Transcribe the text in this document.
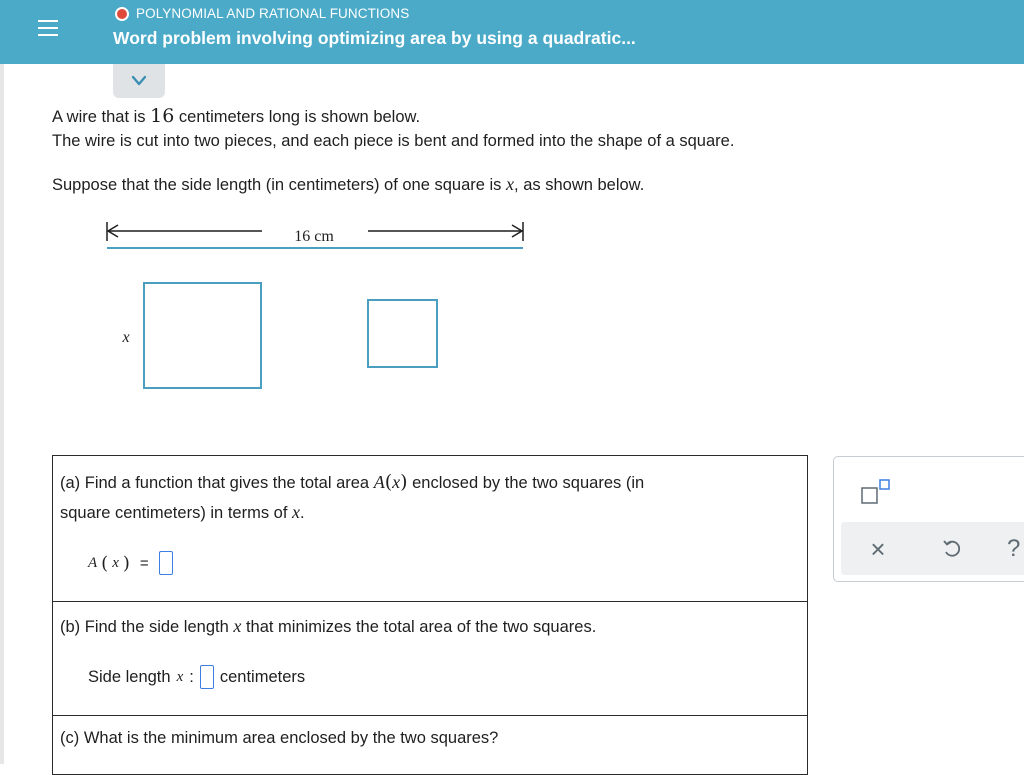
POLYNOMIAL AND RATIONAL FUNCTIONS
Word problem involving optimizing area by using a quadratic...

A wire that is 16 centimeters long is shown below.

The wire is cut into two pieces, and each piece is bent and formed into the shape of a square.

Suppose that the side length (in centimeters) of one square is x, as shown below.

16 cm
x
(a) Find a function that gives the total area A(x) enclosed by the two squares (in
square centimeters) in terms of x.
A ( x ) =
(b) Find the side length x that minimizes the total area of the two squares.
Side length x : centimeters
(c) What is the minimum area enclosed by the two squares?
×	?
